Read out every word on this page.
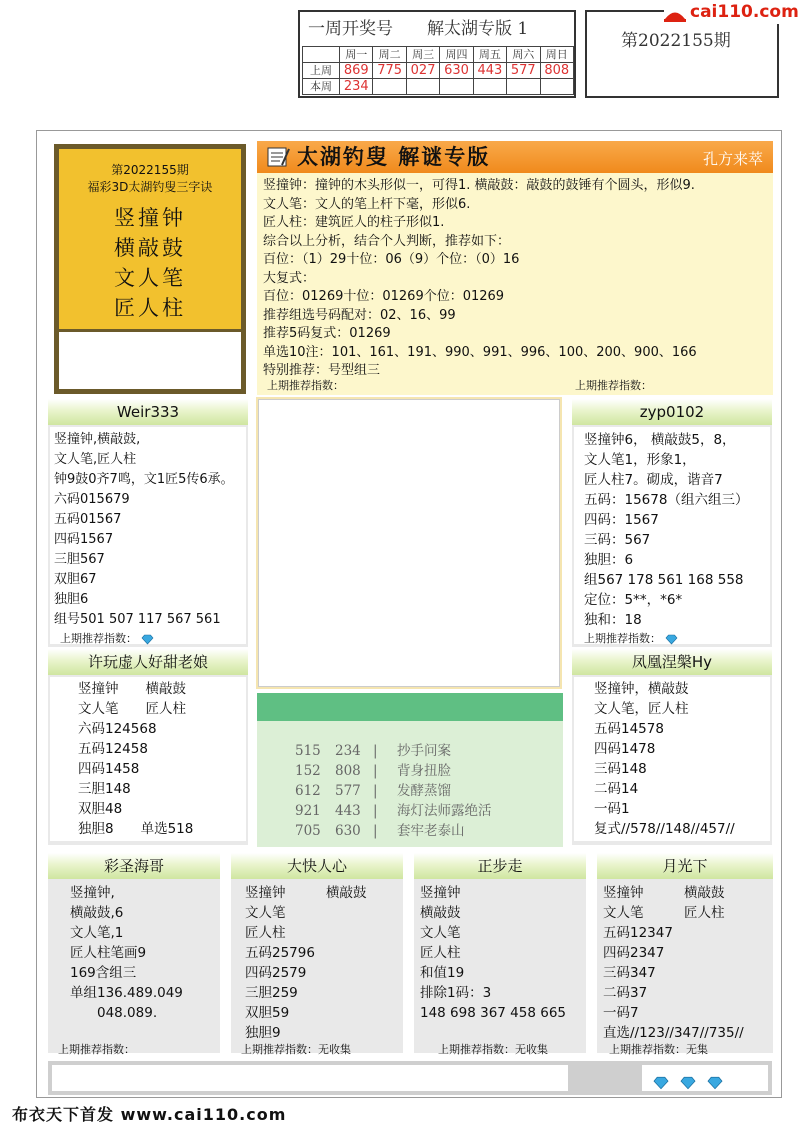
一周开奖号　　解太湖专版 1
	周一	周二	周三	周四	周五	周六	周日
上周	869	775	027	630	443	577	808
本周	234						
第2022155期
cai110.com
第2022155期
福彩3D太湖钓叟三字诀
竖撞钟
横敲鼓
文人笔
匠人柱
太湖钓叟 解谜专版	孔方来萃
竖撞钟：撞钟的木头形似一，可得1. 横敲鼓：敲鼓的鼓锤有个圆头，形似9.
文人笔：文人的笔上杆下毫，形似6.
匠人柱：建筑匠人的柱子形似1.
综合以上分析，结合个人判断，推荐如下：
百位：（1）29十位：06（9）个位：（0）16
大复式：
百位：01269十位：01269个位：01269
推荐组选号码配对：02、16、99
推荐5码复式：01269
单选10注：101、161、191、990、991、996、100、200、900、166
特别推荐：号型组三
上期推荐指数：	上期推荐指数：
Weir333
竖撞钟,横敲鼓,
文人笔,匠人柱
钟9鼓0齐7鸣，文1匠5传6承。
六码015679
五码01567
四码1567
三胆567
双胆67
独胆6
组号501 507 117 567 561
上期推荐指数：
zyp0102
竖撞钟6， 横敲鼓5，8，
文人笔1，形象1，
匠人柱7。砌成，谐音7
五码：15678（组六组三）
四码：1567
三码：567
独胆：6
组567 178 561 168 558
定位：5**，*6*
独和：18
上期推荐指数：
许玩虚人好甜老娘
竖撞钟　　横敲鼓
文人笔　　匠人柱
六码124568
五码12458
四码1458
三胆148
双胆48
独胆8　　单选518
515 234 | 抄手问案
152 808 | 背身扭脸
612 577 | 发酵蒸馏
921 443 | 海灯法师露绝活
705 630 | 套牢老泰山
凤凰涅槃Hy
竖撞钟，横敲鼓
文人笔，匠人柱
五码14578
四码1478
三码148
二码14
一码1
复式//578//148//457//
彩圣海哥
竖撞钟,
横敲鼓,6
文人笔,1
匠人柱笔画9
169含组三
单组136.489.049
　　048.089.
上期推荐指数：
大快人心
竖撞钟　　　横敲鼓
文人笔
匠人柱
五码25796
四码2579
三胆259
双胆59
独胆9
上期推荐指数：无收集
正步走
竖撞钟
横敲鼓
文人笔
匠人柱
和值19
排除1码：3
148 698 367 458 665
上期推荐指数：无收集
月光下
竖撞钟　　　横敲鼓
文人笔　　　匠人柱
五码12347
四码2347
三码347
二码37
一码7
直选//123//347//735//
上期推荐指数：无集

布衣天下首发 www.cai110.com
